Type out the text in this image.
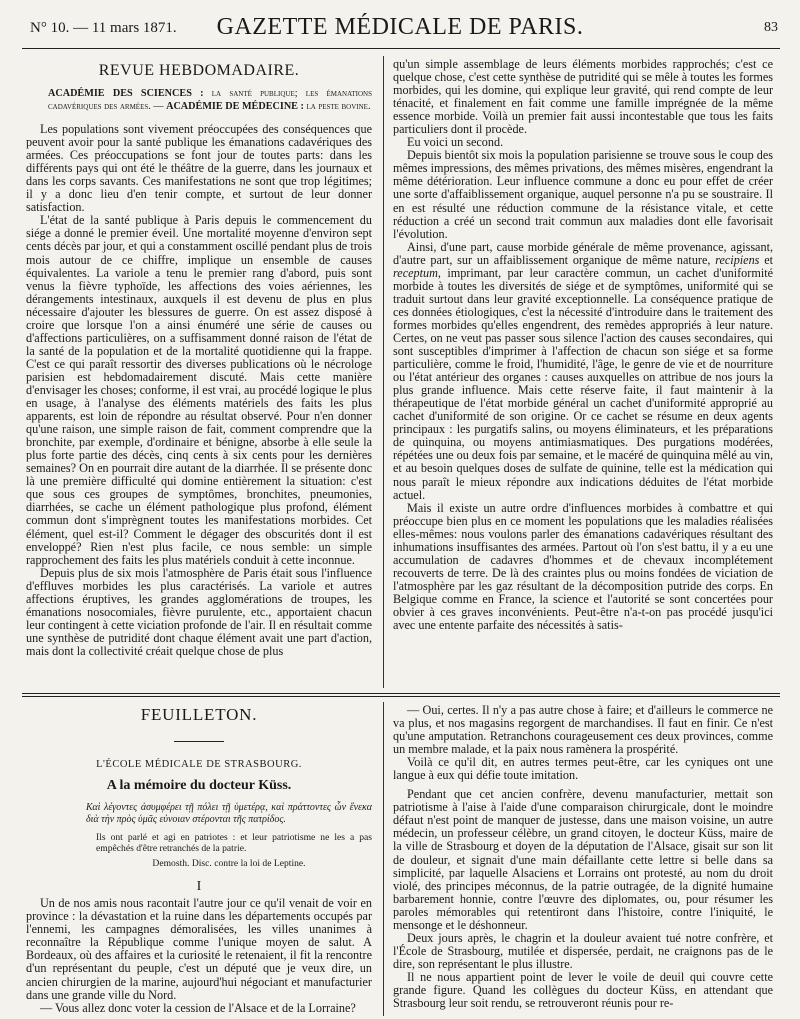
N° 10. — 11 mars 1871.	GAZETTE MÉDICALE DE PARIS.	83
REVUE HEBDOMADAIRE.

ACADÉMIE DES SCIENCES : la santé publique; les émanations cadavériques des armées. — ACADÉMIE DE MÉDECINE : la peste bovine.

Les populations sont vivement préoccupées des conséquences que peuvent avoir pour la santé publique les émanations cadavériques des armées. Ces préoccupations se font jour de toutes parts: dans les différents pays qui ont été le théâtre de la guerre, dans les journaux et dans les corps savants. Ces manifestations ne sont que trop légitimes; il y a donc lieu d'en tenir compte, et surtout de leur donner satisfaction.

L'état de la santé publique à Paris depuis le commencement du siége a donné le premier éveil. Une mortalité moyenne d'environ sept cents décès par jour, et qui a constamment oscillé pendant plus de trois mois autour de ce chiffre, implique un ensemble de causes équivalentes. La variole a tenu le premier rang d'abord, puis sont venus la fièvre typhoïde, les affections des voies aériennes, les dérangements intestinaux, auxquels il est devenu de plus en plus nécessaire d'ajouter les blessures de guerre. On est assez disposé à croire que lorsque l'on a ainsi énuméré une série de causes ou d'affections particulières, on a suffisamment donné raison de l'état de la santé de la population et de la mortalité quotidienne qui la frappe. C'est ce qui paraît ressortir des diverses publications où le nécrologe parisien est hebdomadairement discuté. Mais cette manière d'envisager les choses; conforme, il est vrai, au procédé logique le plus en usage, à l'analyse des éléments matériels des faits les plus apparents, est loin de répondre au résultat observé. Pour n'en donner qu'une raison, une simple raison de fait, comment comprendre que la bronchite, par exemple, d'ordinaire et bénigne, absorbe à elle seule la plus forte partie des décès, cinq cents à six cents pour les dernières semaines? On en pourrait dire autant de la diarrhée. Il se présente donc là une première difficulté qui domine entièrement la situation: c'est que sous ces groupes de symptômes, bronchites, pneumonies, diarrhées, se cache un élément pathologique plus profond, élément commun dont s'imprègnent toutes les manifestations morbides. Cet élément, quel est-il? Comment le dégager des obscurités dont il est enveloppé? Rien n'est plus facile, ce nous semble: un simple rapprochement des faits les plus matériels conduit à cette inconnue.

Depuis plus de six mois l'atmosphère de Paris était sous l'influence d'effluves morbides les plus caractérisés. La variole et autres affections éruptives, les grandes agglomérations de troupes, les émanations nosocomiales, fièvre purulente, etc., apportaient chacun leur contingent à cette viciation profonde de l'air. Il en résultait comme une synthèse de putridité dont chaque élément avait une part d'action, mais dont la collectivité créait quelque chose de plus

qu'un simple assemblage de leurs éléments morbides rapprochés; c'est ce quelque chose, c'est cette synthèse de putridité qui se mêle à toutes les formes morbides, qui les domine, qui explique leur gravité, qui rend compte de leur ténacité, et finalement en fait comme une famille imprégnée de la même essence morbide. Voilà un premier fait aussi incontestable que tous les faits particuliers dont il procède.

Eu voici un second.

Depuis bientôt six mois la population parisienne se trouve sous le coup des mêmes impressions, des mêmes privations, des mêmes misères, engendrant la même détérioration. Leur influence commune a donc eu pour effet de créer une sorte d'affaiblissement organique, auquel personne n'a pu se soustraire. Il en est résulté une réduction commune de la résistance vitale, et cette réduction a créé un second trait commun aux maladies dont elle favorisait l'évolution.

Ainsi, d'une part, cause morbide générale de même provenance, agissant, d'autre part, sur un affaiblissement organique de même nature, recipiens et receptum, imprimant, par leur caractère commun, un cachet d'uniformité morbide à toutes les diversités de siége et de symptômes, uniformité qui se traduit surtout dans leur gravité exceptionnelle. La conséquence pratique de ces données étiologiques, c'est la nécessité d'introduire dans le traitement des formes morbides qu'elles engendrent, des remèdes appropriés à leur nature. Certes, on ne veut pas passer sous silence l'action des causes secondaires, qui sont susceptibles d'imprimer à l'affection de chacun son siége et sa forme particulière, comme le froid, l'humidité, l'âge, le genre de vie et de nourriture ou l'état antérieur des organes : causes auxquelles on attribue de nos jours la plus grande influence. Mais cette réserve faite, il faut maintenir à la thérapeutique de l'état morbide général un cachet d'uniformité approprié au cachet d'uniformité de son origine. Or ce cachet se résume en deux agents principaux : les purgatifs salins, ou moyens éliminateurs, et les préparations de quinquina, ou moyens antimiasmatiques. Des purgations modérées, répétées une ou deux fois par semaine, et le macéré de quinquina mêlé au vin, et au besoin quelques doses de sulfate de quinine, telle est la médication qui nous paraît le mieux répondre aux indications déduites de l'état morbide actuel.

Mais il existe un autre ordre d'influences morbides à combattre et qui préoccupe bien plus en ce moment les populations que les maladies réalisées elles-mêmes: nous voulons parler des émanations cadavériques résultant des inhumations insuffisantes des armées. Partout où l'on s'est battu, il y a eu une accumulation de cadavres d'hommes et de chevaux incomplétement recouverts de terre. De là des craintes plus ou moins fondées de viciation de l'atmosphère par les gaz résultant de la décomposition putride des corps. En Belgique comme en France, la science et l'autorité se sont concertées pour obvier à ces graves inconvénients. Peut-être n'a-t-on pas procédé jusqu'ici avec une entente parfaite des nécessités à satis-

FEUILLETON.
L'ÉCOLE MÉDICALE DE STRASBOURG.
A la mémoire du docteur Küss.
Καὶ λέγοντες ἀσυμφέρει τῇ πόλει τῇ ὑμετέρᾳ, καὶ πράττοντες ὧν ἕνεκα διὰ τὴν πρὸς ὑμᾶς εὐνοιαν στέρονται τῆς πατρίδος.
Ils ont parlé et agi en patriotes : et leur patriotisme ne les a pas empêchés d'être retranchés de la patrie.
Demosth. Disc. contre la loi de Leptine.
I

Un de nos amis nous racontait l'autre jour ce qu'il venait de voir en province : la dévastation et la ruine dans les départements occupés par l'ennemi, les campagnes démoralisées, les villes unanimes à reconnaître la République comme l'unique moyen de salut. A Bordeaux, où des affaires et la curiosité le retenaient, il fit la rencontre d'un représentant du peuple, c'est un député que je veux dire, un ancien chirurgien de la marine, aujourd'hui négociant et manufacturier dans une grande ville du Nord.

— Vous allez donc voter la cession de l'Alsace et de la Lorraine?

— Oui, certes. Il n'y a pas autre chose à faire; et d'ailleurs le commerce ne va plus, et nos magasins regorgent de marchandises. Il faut en finir. Ce n'est qu'une amputation. Retranchons courageusement ces deux provinces, comme un membre malade, et la paix nous ramènera la prospérité.

Voilà ce qu'il dit, en autres termes peut-être, car les cyniques ont une langue à eux qui défie toute imitation.

Pendant que cet ancien confrère, devenu manufacturier, mettait son patriotisme à l'aise à l'aide d'une comparaison chirurgicale, dont le moindre défaut n'est point de manquer de justesse, dans une maison voisine, un autre médecin, un professeur célèbre, un grand citoyen, le docteur Küss, maire de la ville de Strasbourg et doyen de la députation de l'Alsace, gisait sur son lit de douleur, et signait d'une main défaillante cette lettre si belle dans sa simplicité, par laquelle Alsaciens et Lorrains ont protesté, au nom du droit violé, des principes méconnus, de la patrie outragée, de la dignité humaine barbarement honnie, contre l'œuvre des diplomates, ou, pour résumer les paroles mémorables qui retentiront dans l'histoire, contre l'iniquité, le mensonge et le déshonneur.

Deux jours après, le chagrin et la douleur avaient tué notre confrère, et l'École de Strasbourg, mutilée et dispersée, perdait, ne craignons pas de le dire, son représentant le plus illustre.

Il ne nous appartient point de lever le voile de deuil qui couvre cette grande figure. Quand les collègues du docteur Küss, en attendant que Strasbourg leur soit rendu, se retrouveront réunis pour re-
